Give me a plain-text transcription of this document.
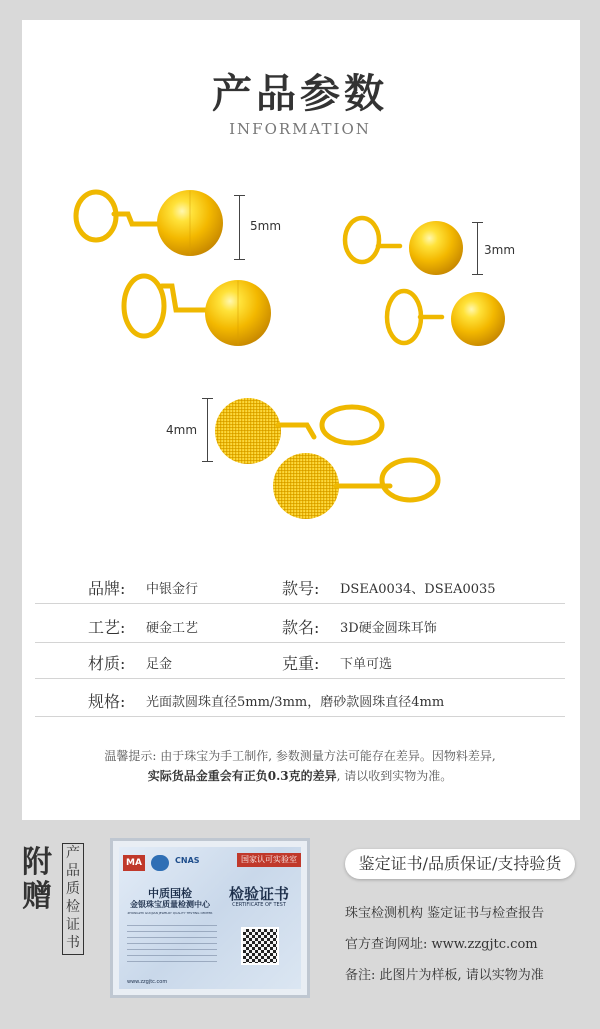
产品参数
INFORMATION
5mm
3mm
4mm
品牌: 中银金行	款号: DSEA0034、DSEA0035
工艺: 硬金工艺	款名: 3D硬金圆珠耳饰
材质: 足金	克重: 下单可选
规格: 光面款圆珠直径5mm/3mm，磨砂款圆珠直径4mm
温馨提示: 由于珠宝为手工制作, 参数测量方法可能存在差异。因物料差异,
实际货品金重会有正负0.3克的差异, 请以收到实物为准。
附
赠
产
品
质
检
证
书
MA	CNAS	国家认可实验室
中质国检
金银珠宝质量检测中心
ZHONGZHI GUOJIAN JEWELRY QUALITY TESTING CENTER
检验证书
CERTIFICATE OF TEST
www.zzgjtc.com
鉴定证书/品质保证/支持验货
珠宝检测机构 鉴定证书与检查报告
官方查询网址: www.zzgjtc.com
备注: 此图片为样板, 请以实物为准
